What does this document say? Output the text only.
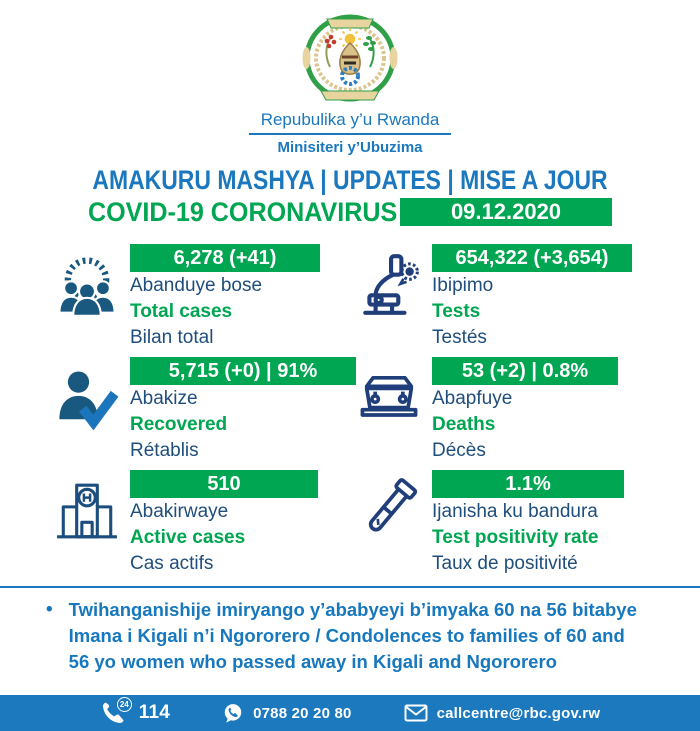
Repubulika y’u Rwanda
Minisiteri y’Ubuzima
AMAKURU MASHYA | UPDATES | MISE A JOUR
COVID-19 CORONAVIRUS	09.12.2020
6,278 (+41)
Abanduye bose
Total cases
Bilan total
654,322 (+3,654)
Ibipimo
Tests
Testés
5,715 (+0) | 91%
Abakize
Recovered
Rétablis
53 (+2) | 0.8%
Abapfuye
Deaths
Décès
510
Abakirwaye
Active cases
Cas actifs
1.1%
Ijanisha ku bandura
Test positivity rate
Taux de positivité
• Twihanganishije imiryango y’ababyeyi b’imyaka 60 na 56 bitabye Imana i Kigali n’i Ngororero / Condolences to families of 60 and 56 yo women who passed away in Kigali and Ngororero

24 114	0788 20 20 80	callcentre@rbc.gov.rw
